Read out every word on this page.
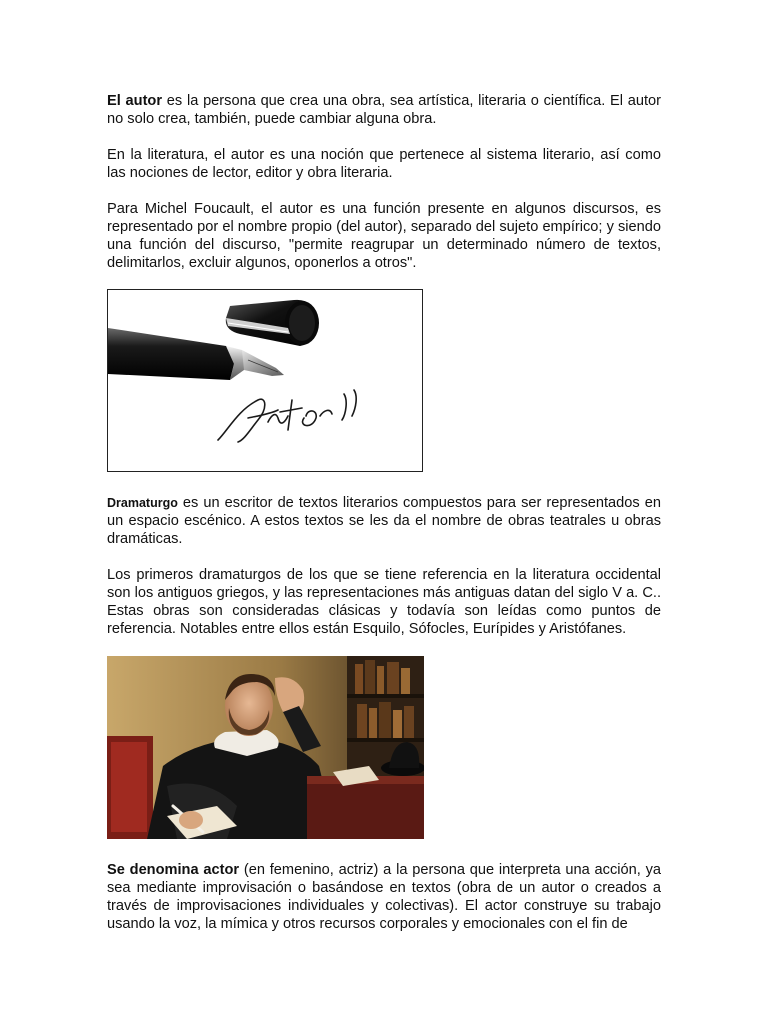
El autor es la persona que crea una obra, sea artística, literaria o científica. El autor no solo crea, también, puede cambiar alguna obra.

En la literatura, el autor es una noción que pertenece al sistema literario, así como las nociones de lector, editor y obra literaria.

Para Michel Foucault, el autor es una función presente en algunos discursos, es representado por el nombre propio (del autor), separado del sujeto empírico; y siendo una función del discurso, "permite reagrupar un determinado número de textos, delimitarlos, excluir algunos, oponerlos a otros".

Dramaturgo es un escritor de textos literarios compuestos para ser representados en un espacio escénico. A estos textos se les da el nombre de obras teatrales u obras dramáticas.

Los primeros dramaturgos de los que se tiene referencia en la literatura occidental son los antiguos griegos, y las representaciones más antiguas datan del siglo V a. C.. Estas obras son consideradas clásicas y todavía son leídas como puntos de referencia. Notables entre ellos están Esquilo, Sófocles, Eurípides y Aristófanes.

Se denomina actor (en femenino, actriz) a la persona que interpreta una acción, ya sea mediante improvisación o basándose en textos (obra de un autor o creados a través de improvisaciones individuales y colectivas). El actor construye su trabajo usando la voz, la mímica y otros recursos corporales y emocionales con el fin de
